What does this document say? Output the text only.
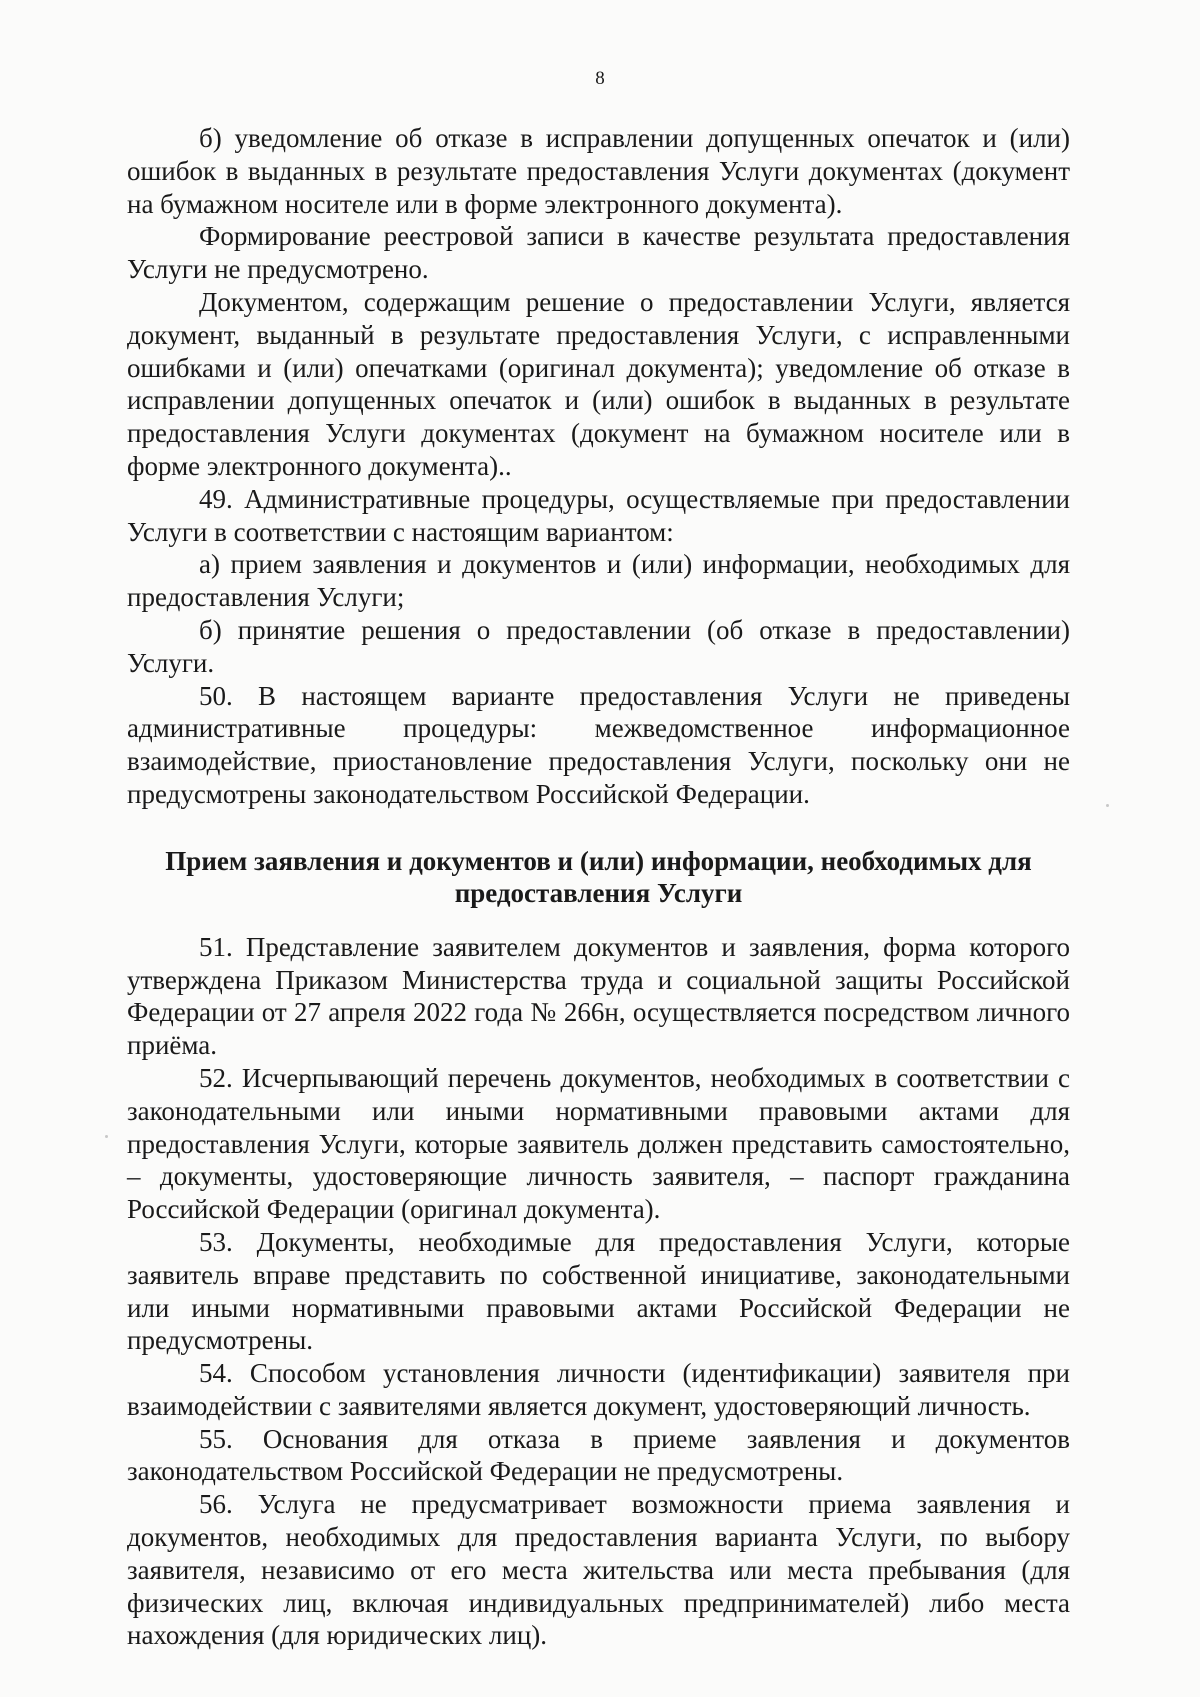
8

б) уведомление об отказе в исправлении допущенных опечаток и (или) ошибок в выданных в результате предоставления Услуги документах (документ на бумажном носителе или в форме электронного документа).

Формирование реестровой записи в качестве результата предоставления Услуги не предусмотрено.

Документом, содержащим решение о предоставлении Услуги, является документ, выданный в результате предоставления Услуги, с исправленными ошибками и (или) опечатками (оригинал документа); уведомление об отказе в исправлении допущенных опечаток и (или) ошибок в выданных в результате предоставления Услуги документах (документ на бумажном носителе или в форме электронного документа)..

49. Административные процедуры, осуществляемые при предоставлении Услуги в соответствии с настоящим вариантом:

а) прием заявления и документов и (или) информации, необходимых для предоставления Услуги;

б) принятие решения о предоставлении (об отказе в предоставлении) Услуги.

50. В настоящем варианте предоставления Услуги не приведены административные процедуры: межведомственное информационное взаимодействие, приостановление предоставления Услуги, поскольку они не предусмотрены законодательством Российской Федерации.

Прием заявления и документов и (или) информации, необходимых для предоставления Услуги

51. Представление заявителем документов и заявления, форма которого утверждена Приказом Министерства труда и социальной защиты Российской Федерации от 27 апреля 2022 года № 266н, осуществляется посредством личного приёма.

52. Исчерпывающий перечень документов, необходимых в соответствии с законодательными или иными нормативными правовыми актами для предоставления Услуги, которые заявитель должен представить самостоятельно, – документы, удостоверяющие личность заявителя, – паспорт гражданина Российской Федерации (оригинал документа).

53. Документы, необходимые для предоставления Услуги, которые заявитель вправе представить по собственной инициативе, законодательными или иными нормативными правовыми актами Российской Федерации не предусмотрены.

54. Способом установления личности (идентификации) заявителя при взаимодействии с заявителями является документ, удостоверяющий личность.

55. Основания для отказа в приеме заявления и документов законодательством Российской Федерации не предусмотрены.

56. Услуга не предусматривает возможности приема заявления и документов, необходимых для предоставления варианта Услуги, по выбору заявителя, независимо от его места жительства или места пребывания (для физических лиц, включая индивидуальных предпринимателей) либо места нахождения (для юридических лиц).
